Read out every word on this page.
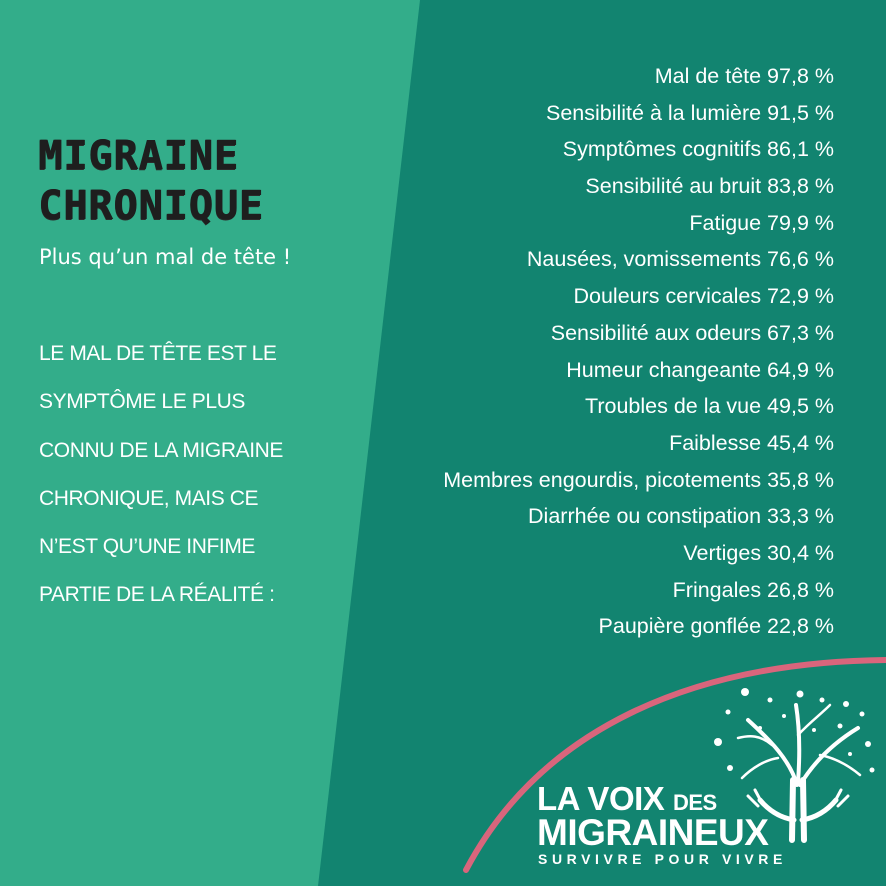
MIGRAINE
CHRONIQUE
Plus qu’un mal de tête !
LE MAL DE TÊTE EST LE
SYMPTÔME LE PLUS
CONNU DE LA MIGRAINE
CHRONIQUE, MAIS CE
N’EST QU’UNE INFIME
PARTIE DE LA RÉALITÉ :
Mal de tête 97,8 %
Sensibilité à la lumière 91,5 %
Symptômes cognitifs 86,1 %
Sensibilité au bruit 83,8 %
Fatigue 79,9 %
Nausées, vomissements 76,6 %
Douleurs cervicales 72,9 %
Sensibilité aux odeurs 67,3 %
Humeur changeante 64,9 %
Troubles de la vue 49,5 %
Faiblesse 45,4 %
Membres engourdis, picotements 35,8 %
Diarrhée ou constipation 33,3 %
Vertiges 30,4 %
Fringales 26,8 %
Paupière gonflée 22,8 %
LA VOIX DES
MIGRAINEUX
SURVIVRE POUR VIVRE
